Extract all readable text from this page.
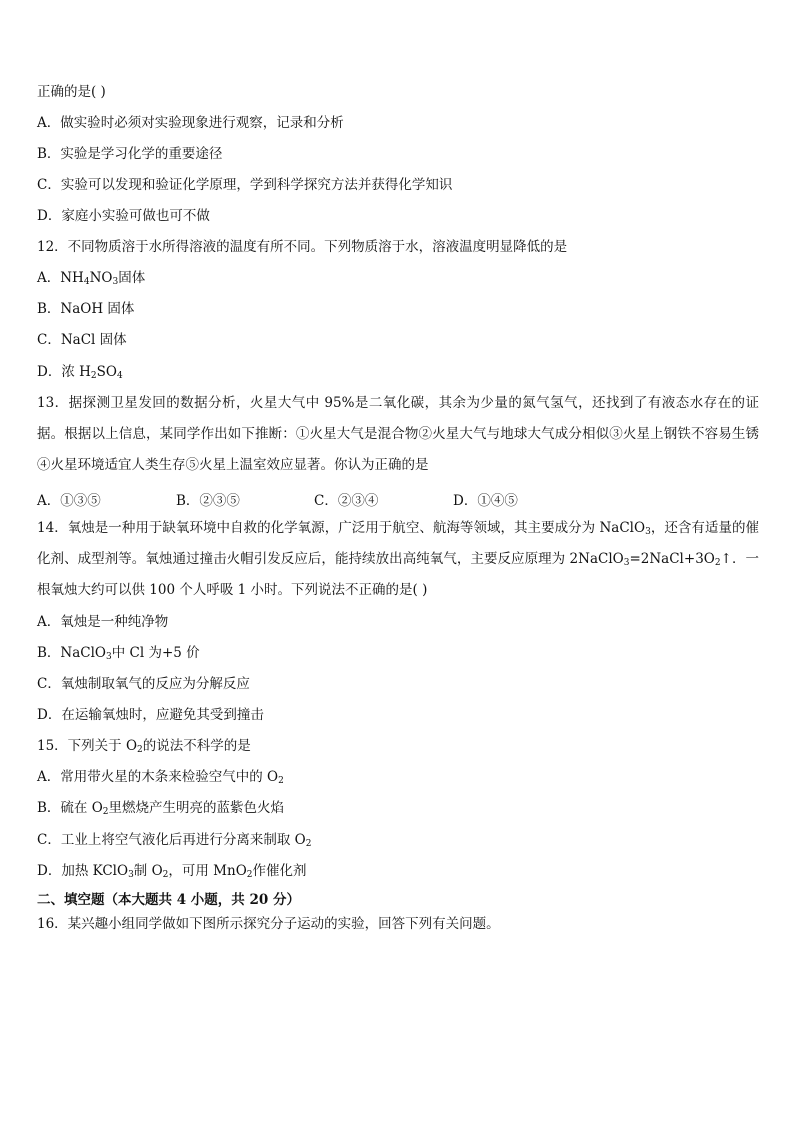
正确的是( )
A．做实验时必须对实验现象进行观察，记录和分析
B．实验是学习化学的重要途径
C．实验可以发现和验证化学原理，学到科学探究方法并获得化学知识
D．家庭小实验可做也可不做
12．不同物质溶于水所得溶液的温度有所不同。下列物质溶于水，溶液温度明显降低的是
A．$NH_4NO_3$固体
B．NaOH 固体
C．NaCl 固体
D．浓 $H_2SO_4$
13．据探测卫星发回的数据分析，火星大气中 95%是二氧化碳，其余为少量的氮气氢气，还找到了有液态水存在的证据。根据以上信息，某同学作出如下推断：①火星大气是混合物②火星大气与地球大气成分相似③火星上钢铁不容易生锈 ④火星环境适宜人类生存⑤火星上温室效应显著。你认为正确的是
A．①③⑤	B．②③⑤	C．②③④	D．①④⑤
14．氧烛是一种用于缺氧环境中自救的化学氧源，广泛用于航空、航海等领域，其主要成分为 NaClO$_3$，还含有适量的催化剂、成型剂等。氧烛通过撞击火帽引发反应后，能持续放出高纯氧气，主要反应原理为 $2NaClO_3=2NaCl+3O_2↑$．一根氧烛大约可以供 100 个人呼吸 1 小时。下列说法不正确的是( )
A．氧烛是一种纯净物
B．NaClO$_3$中 Cl 为+5 价
C．氧烛制取氧气的反应为分解反应
D．在运输氧烛时，应避免其受到撞击
15．下列关于 $O_2$的说法不科学的是
A．常用带火星的木条来检验空气中的 $O_2$
B．硫在 $O_2$里燃烧产生明亮的蓝紫色火焰
C．工业上将空气液化后再进行分离来制取 $O_2$
D．加热 KClO$_3$制 $O_2$，可用 MnO$_2$作催化剂
二、填空题（本大题共 4 小题，共 20 分）
16．某兴趣小组同学做如下图所示探究分子运动的实验，回答下列有关问题。
